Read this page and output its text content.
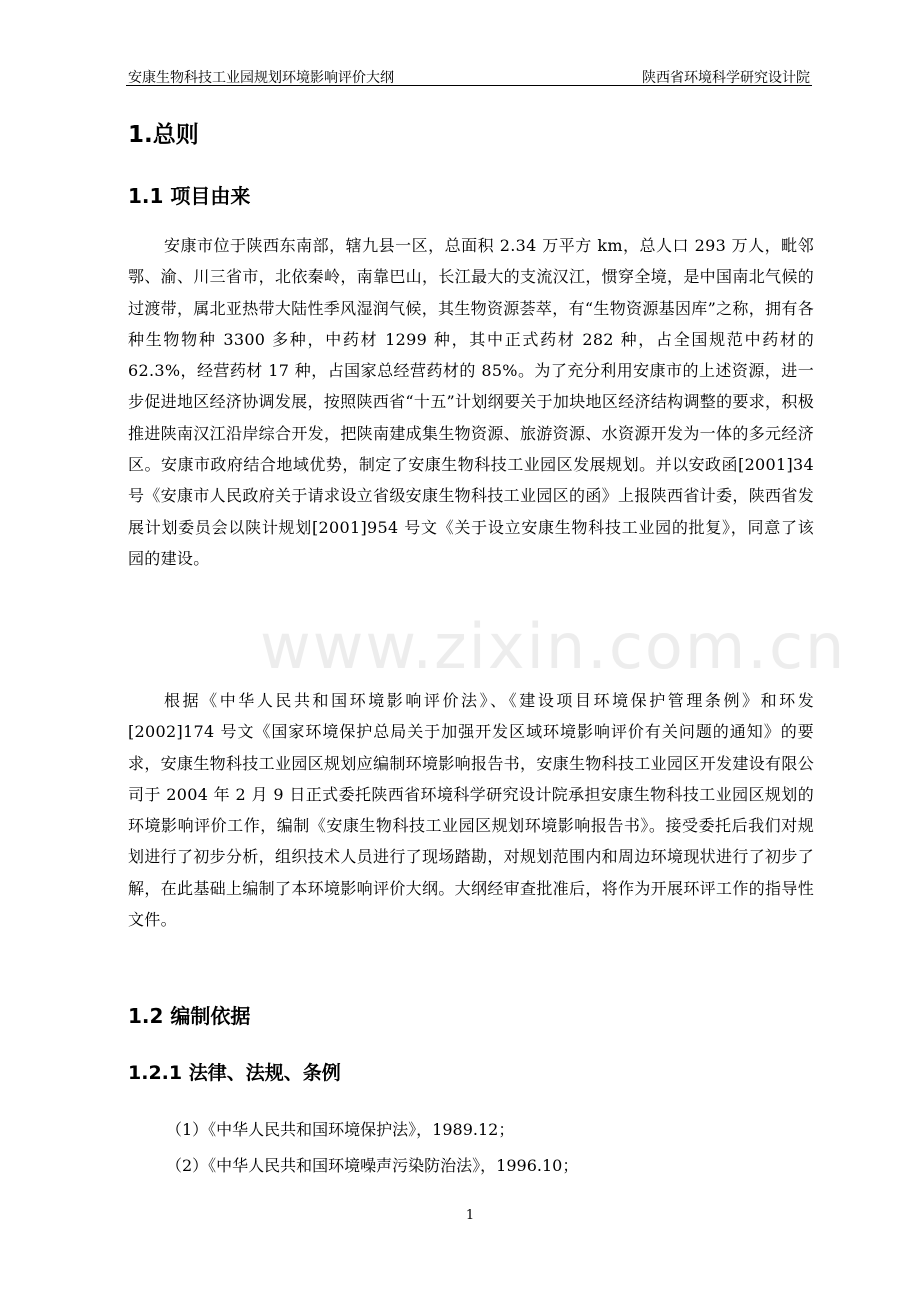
安康生物科技工业园规划环境影响评价大纲	陕西省环境科学研究设计院
1.总则
1.1 项目由来

安康市位于陕西东南部，辖九县一区，总面积 2.34 万平方 km，总人口 293 万人，毗邻鄂、渝、川三省市，北依秦岭，南靠巴山，长江最大的支流汉江，惯穿全境，是中国南北气候的过渡带，属北亚热带大陆性季风湿润气候，其生物资源荟萃，有“生物资源基因库”之称，拥有各种生物物种 3300 多种，中药材 1299 种，其中正式药材 282 种，占全国规范中药材的 62.3%，经营药材 17 种，占国家总经营药材的 85%。为了充分利用安康市的上述资源，进一步促进地区经济协调发展，按照陕西省“十五”计划纲要关于加块地区经济结构调整的要求，积极推进陕南汉江沿岸综合开发，把陕南建成集生物资源、旅游资源、水资源开发为一体的多元经济区。安康市政府结合地域优势，制定了安康生物科技工业园区发展规划。并以安政函[2001]34 号《安康市人民政府关于请求设立省级安康生物科技工业园区的函》上报陕西省计委，陕西省发展计划委员会以陕计规划[2001]954 号文《关于设立安康生物科技工业园的批复》，同意了该园的建设。

根据《中华人民共和国环境影响评价法》、《建设项目环境保护管理条例》和环发[2002]174 号文《国家环境保护总局关于加强开发区域环境影响评价有关问题的通知》的要求，安康生物科技工业园区规划应编制环境影响报告书，安康生物科技工业园区开发建设有限公司于 2004 年 2 月 9 日正式委托陕西省环境科学研究设计院承担安康生物科技工业园区规划的环境影响评价工作，编制《安康生物科技工业园区规划环境影响报告书》。接受委托后我们对规划进行了初步分析，组织技术人员进行了现场踏勘，对规划范围内和周边环境现状进行了初步了解，在此基础上编制了本环境影响评价大纲。大纲经审查批准后，将作为开展环评工作的指导性文件。

1.2 编制依据
1.2.1 法律、法规、条例
（1）《中华人民共和国环境保护法》，1989.12；
（2）《中华人民共和国环境噪声污染防治法》，1996.10；
1
www.zixin.com.cn
